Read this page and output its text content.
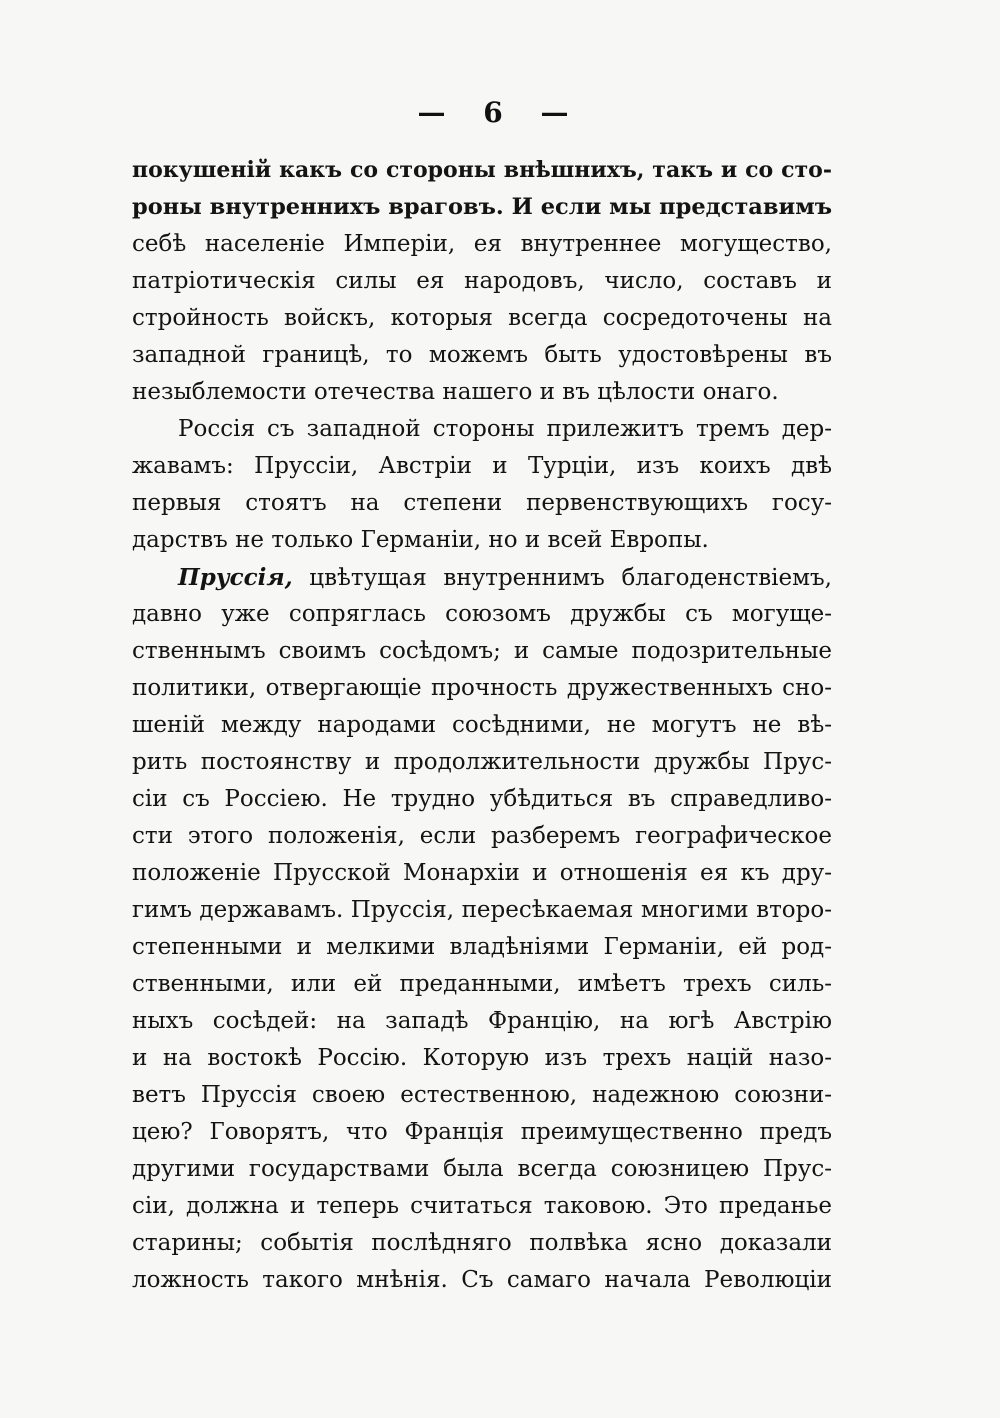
— 6 —
покушенiй какъ со стороны внѣшнихъ, такъ и со сто-
роны внутреннихъ враговъ. И если мы представимъ
себѣ населенiе Имперiи, ея внутреннее могущество,
патрiотическiя силы ея народовъ, число, составъ и
стройность войскъ, которыя всегда сосредоточены на
западной границѣ, то можемъ быть удостовѣрены въ
незыблемости отечества нашего и въ цѣлости онаго.
Россiя съ западной стороны прилежитъ тремъ дер-
жавамъ: Пруссiи, Австрiи и Турцiи, изъ коихъ двѣ
первыя стоятъ на степени первенствующихъ госу-
дарствъ не только Германiи, но и всей Европы.
Пруссiя, цвѣтущая внутреннимъ благоденствiемъ,
давно уже сопряглась союзомъ дружбы съ могуще-
ственнымъ своимъ сосѣдомъ; и самые подозрительные
политики, отвергающiе прочность дружественныхъ сно-
шенiй между народами сосѣдними, не могутъ не вѣ-
рить постоянству и продолжительности дружбы Прус-
сiи съ Россiею. Не трудно убѣдиться въ справедливо-
сти этого положенiя, если разберемъ географическое
положенiе Прусской Монархiи и отношенiя ея къ дру-
гимъ державамъ. Пруссiя, пересѣкаемая многими второ-
степенными и мелкими владѣнiями Германiи, ей род-
ственными, или ей преданными, имѣетъ трехъ силь-
ныхъ сосѣдей: на западѣ Францiю, на югѣ Австрiю
и на востокѣ Россiю. Которую изъ трехъ нацiй назо-
ветъ Пруссiя своею естественною, надежною союзни-
цею? Говорятъ, что Францiя преимущественно предъ
другими государствами была всегда союзницею Прус-
сiи, должна и теперь считаться таковою. Это преданье
старины; событiя послѣдняго полвѣка ясно доказали
ложность такого мнѣнiя. Съ самаго начала Революцiи
